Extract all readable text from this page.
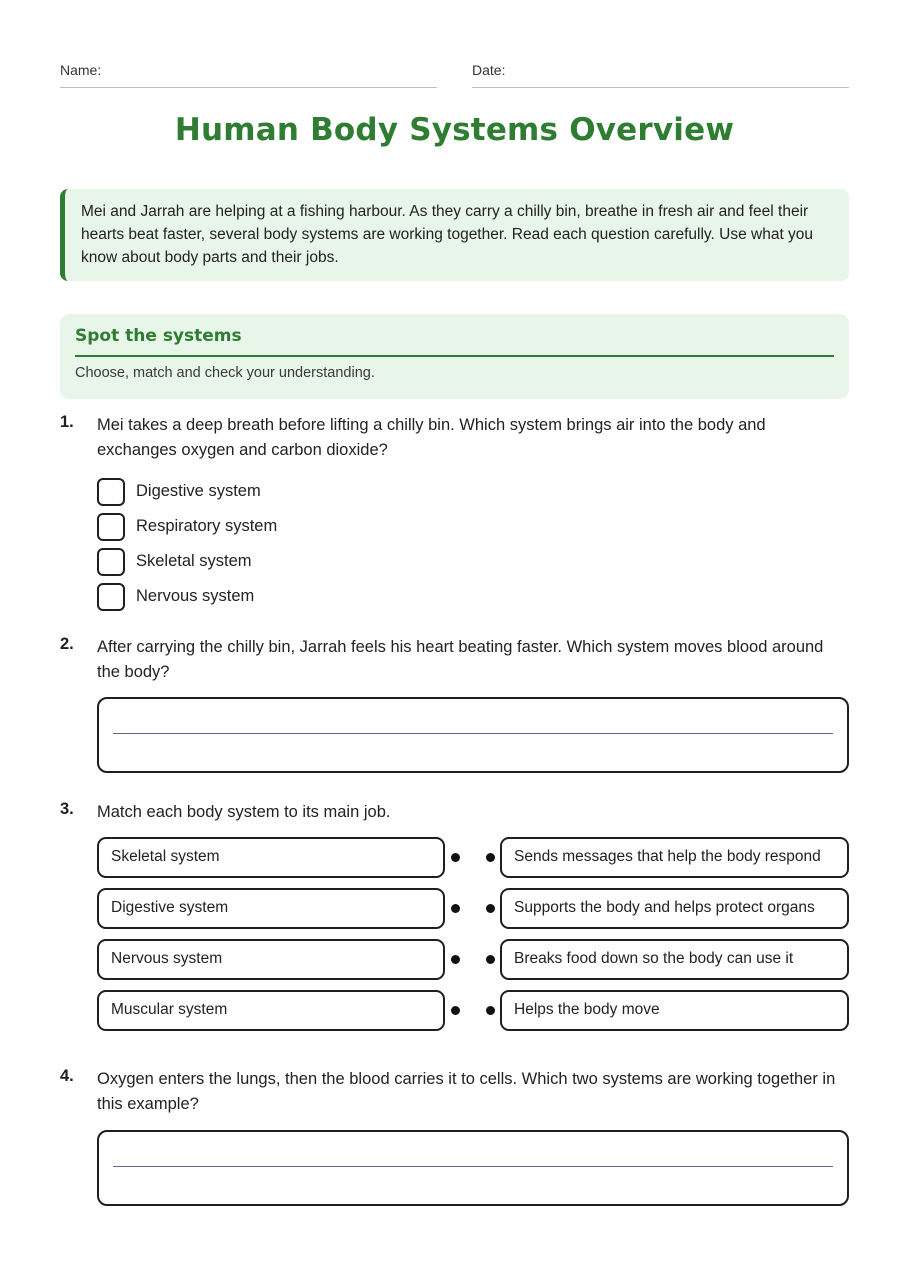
Name:	Date:
Human Body Systems Overview
Mei and Jarrah are helping at a fishing harbour. As they carry a chilly bin, breathe in fresh air and feel their hearts beat faster, several body systems are working together. Read each question carefully. Use what you know about body parts and their jobs.
Spot the systems
Choose, match and check your understanding.
1. Mei takes a deep breath before lifting a chilly bin. Which system brings air into the body and exchanges oxygen and carbon dioxide?
Digestive system
Respiratory system
Skeletal system
Nervous system
2. After carrying the chilly bin, Jarrah feels his heart beating faster. Which system moves blood around the body?
3. Match each body system to its main job.
Skeletal system	Sends messages that help the body respond
Digestive system	Supports the body and helps protect organs
Nervous system	Breaks food down so the body can use it
Muscular system	Helps the body move
4. Oxygen enters the lungs, then the blood carries it to cells. Which two systems are working together in this example?
